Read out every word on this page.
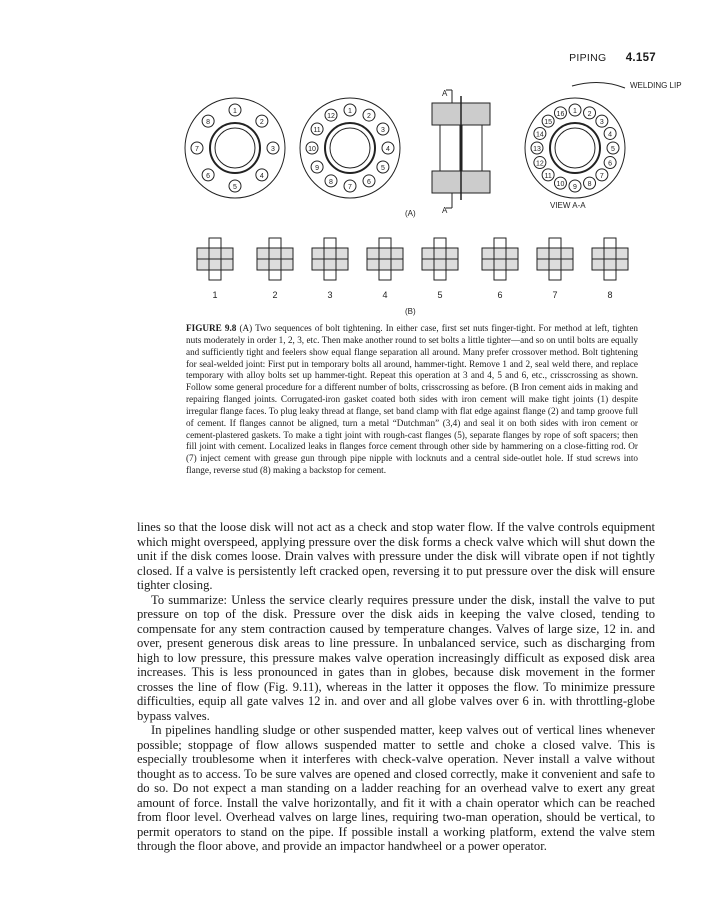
PIPING 4.157
WELDING LIP
A
A
(A)
VIEW A-A
(B)
1
2
3
4
5
6
7
8
1
2
3
4
5
6
7
8
9
10
11
12
1 2
3
4
5
6
7
8
9
10
11
12
13
14
15
16
1	2	3	4	5	6	7	8
FIGURE 9.8 (A) Two sequences of bolt tightening. In either case, first set nuts finger-tight. For method at left, tighten nuts moderately in order 1, 2, 3, etc. Then make another round to set bolts a little tighter—and so on until bolts are equally and sufficiently tight and feelers show equal flange separation all around. Many prefer crossover method. Bolt tightening for seal-welded joint: First put in temporary bolts all around, hammer-tight. Remove 1 and 2, seal weld there, and replace temporary with alloy bolts set up hammer-tight. Repeat this operation at 3 and 4, 5 and 6, etc., crisscrossing as shown. Follow some general procedure for a different number of bolts, crisscrossing as before. (B Iron cement aids in making and repairing flanged joints. Corrugated-iron gasket coated both sides with iron cement will make tight joints (1) despite irregular flange faces. To plug leaky thread at flange, set band clamp with flat edge against flange (2) and tamp groove full of cement. If flanges cannot be aligned, turn a metal “Dutchman” (3,4) and seal it on both sides with iron cement or cement-plastered gaskets. To make a tight joint with rough-cast flanges (5), separate flanges by rope of soft spacers; then fill joint with cement. Localized leaks in flanges force cement through other side by hammering on a close-fitting rod. Or (7) inject cement with grease gun through pipe nipple with locknuts and a central side-outlet hole. If stud screws into flange, reverse stud (8) making a backstop for cement.

lines so that the loose disk will not act as a check and stop water flow. If the valve controls equipment which might overspeed, applying pressure over the disk forms a check valve which will shut down the unit if the disk comes loose. Drain valves with pressure under the disk will vibrate open if not tightly closed. If a valve is persistently left cracked open, reversing it to put pressure over the disk will ensure tighter closing.

To summarize: Unless the service clearly requires pressure under the disk, install the valve to put pressure on top of the disk. Pressure over the disk aids in keeping the valve closed, tending to compensate for any stem contraction caused by temperature changes. Valves of large size, 12 in. and over, present generous disk areas to line pressure. In unbalanced service, such as discharging from high to low pressure, this pressure makes valve operation increasingly difficult as exposed disk area increases. This is less pronounced in gates than in globes, because disk movement in the former crosses the line of flow (Fig. 9.11), whereas in the latter it opposes the flow. To minimize pressure difficulties, equip all gate valves 12 in. and over and all globe valves over 6 in. with throttling-globe bypass valves.

In pipelines handling sludge or other suspended matter, keep valves out of vertical lines whenever possible; stoppage of flow allows suspended matter to settle and choke a closed valve. This is especially troublesome when it interferes with check-valve operation. Never install a valve without thought as to access. To be sure valves are opened and closed correctly, make it convenient and safe to do so. Do not expect a man standing on a ladder reaching for an overhead valve to exert any great amount of force. Install the valve horizontally, and fit it with a chain operator which can be reached from floor level. Overhead valves on large lines, requiring two-man operation, should be vertical, to permit operators to stand on the pipe. If possible install a working platform, extend the valve stem through the floor above, and provide an impactor handwheel or a power operator.
